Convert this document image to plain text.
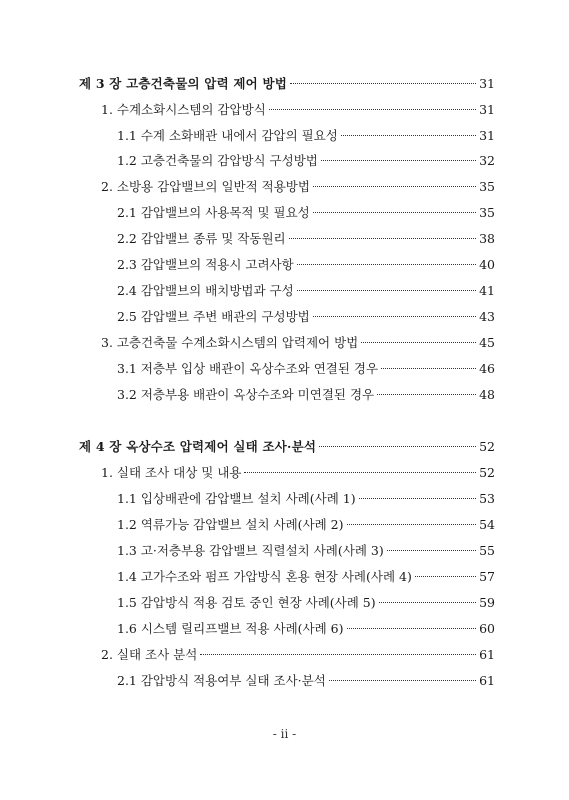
제 3 장 고층건축물의 압력 제어 방법	31
1. 수계소화시스템의 감압방식	31
1.1 수계 소화배관 내에서 감압의 필요성	31
1.2 고층건축물의 감압방식 구성방법	32
2. 소방용 감압밸브의 일반적 적용방법	35
2.1 감압밸브의 사용목적 및 필요성	35
2.2 감압밸브 종류 및 작동원리	38
2.3 감압밸브의 적용시 고려사항	40
2.4 감압밸브의 배치방법과 구성	41
2.5 감압밸브 주변 배관의 구성방법	43
3. 고층건축물 수계소화시스템의 압력제어 방법	45
3.1 저층부 입상 배관이 옥상수조와 연결된 경우	46
3.2 저층부용 배관이 옥상수조와 미연결된 경우	48
제 4 장 옥상수조 압력제어 실태 조사·분석	52
1. 실태 조사 대상 및 내용	52
1.1 입상배관에 감압밸브 설치 사례(사례 1)	53
1.2 역류가능 감압밸브 설치 사례(사례 2)	54
1.3 고·저층부용 감압밸브 직렬설치 사례(사례 3)	55
1.4 고가수조와 펌프 가압방식 혼용 현장 사례(사례 4)	57
1.5 감압방식 적용 검토 중인 현장 사례(사례 5)	59
1.6 시스템 릴리프밸브 적용 사례(사례 6)	60
2. 실태 조사 분석	61
2.1 감압방식 적용여부 실태 조사·분석	61
- ii -
